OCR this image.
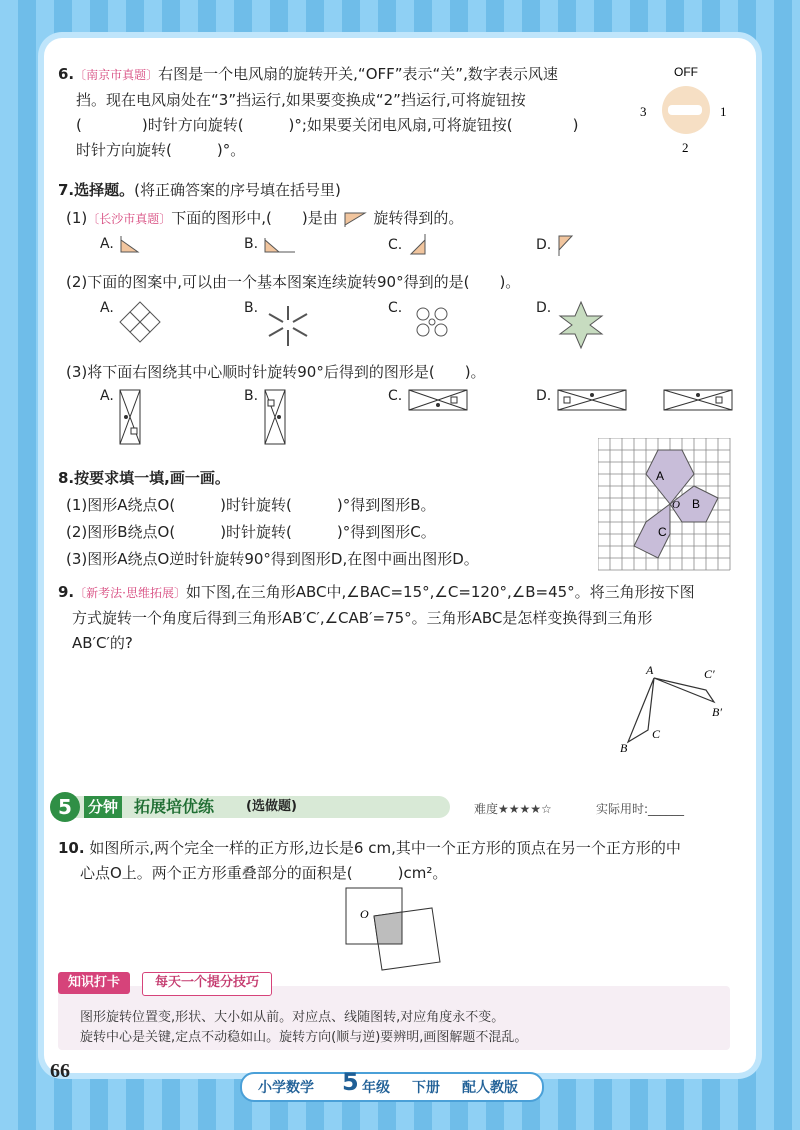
6.〔南京市真题〕右图是一个电风扇的旋转开关,“OFF”表示“关”,数字表示风速
挡。现在电风扇处在“3”挡运行,如果要变换成“2”挡运行,可将旋钮按
(　　　　)时针方向旋转(　　　)°;如果要关闭电风扇,可将旋钮按(　　　　)
时针方向旋转(　　　)°。
OFF
3	1
2
7.选择题。(将正确答案的序号填在括号里)
(1)〔长沙市真题〕下面的图形中,(　　)是由 旋转得到的。
A.	B.	C.	D.
(2)下面的图案中,可以由一个基本图案连续旋转90°得到的是(　　)。
A.	B.	C.	D.
(3)将下面右图绕其中心顺时针旋转90°后得到的图形是(　　)。
A.	B.	C.	D.
8.按要求填一填,画一画。
(1)图形A绕点O(　　　)时针旋转(　　　)°得到图形B。
(2)图形B绕点O(　　　)时针旋转(　　　)°得到图形C。
(3)图形A绕点O逆时针旋转90°得到图形D,在图中画出图形D。
A
B
C
O
9.〔新考法·思维拓展〕如下图,在三角形ABC中,∠BAC=15°,∠C=120°,∠B=45°。将三角形按下图
方式旋转一个角度后得到三角形AB′C′,∠CAB′=75°。三角形ABC是怎样变换得到三角形
AB′C′的?
A
B
C
C′
B′
5	分钟 拓展培优练 (选做题)	难度★★★★☆	实际用时:______
10. 如图所示,两个完全一样的正方形,边长是6 cm,其中一个正方形的顶点在另一个正方形的中
心点O上。两个正方形重叠部分的面积是(　　　)cm²。
O
知识打卡	每天一个提分技巧
图形旋转位置变,形状、大小如从前。对应点、线随图转,对应角度永不变。
旋转中心是关键,定点不动稳如山。旋转方向(顺与逆)要辨明,画图解题不混乱。
66
小学数学 5 年级 下册 配人教版
